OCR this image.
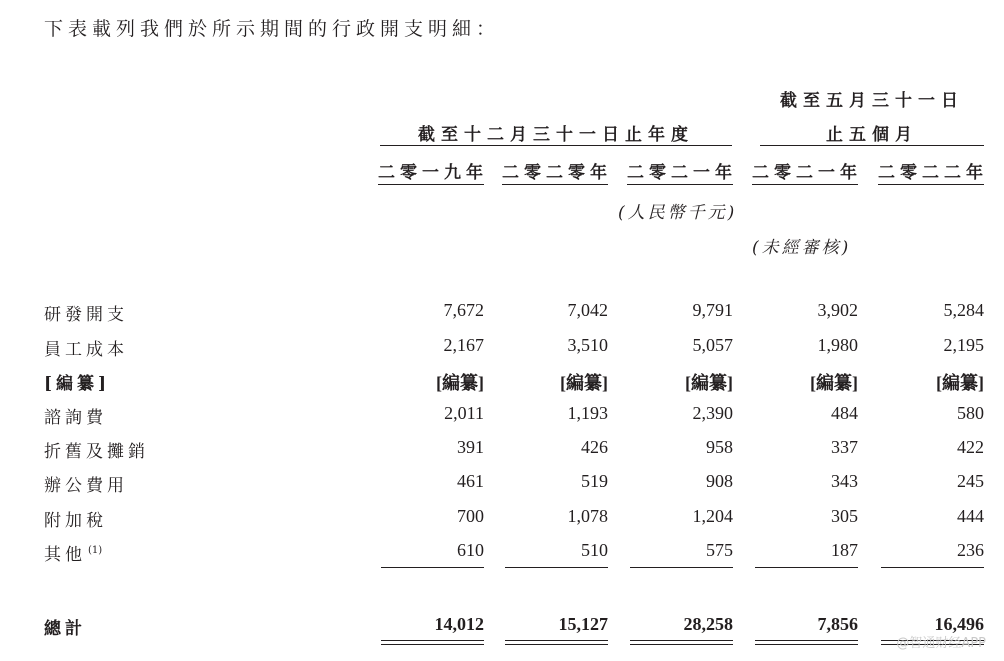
下表載列我們於所示期間的行政開支明細：
截至五月三十一日
截至十二月三十一日止年度	止五個月
二零一九年 二零二零年 二零二一年 二零二一年 二零二二年
(人民幣千元)
(未經審核)
研發開支	7,672	7,042	9,791	3,902	5,284
員工成本	2,167	3,510	5,057	1,980	2,195
[編纂]	[編纂]	[編纂]	[編纂]	[編纂]	[編纂]
諮詢費	2,011	1,193	2,390	484	580
折舊及攤銷	391	426	958	337	422
辦公費用	461	519	908	343	245
附加稅	700	1,078	1,204	305	444
其他 $^{(1)}$	610	510	575	187	236
總計	14,012	15,127	28,258	7,856	16,496
@智通财经APP
